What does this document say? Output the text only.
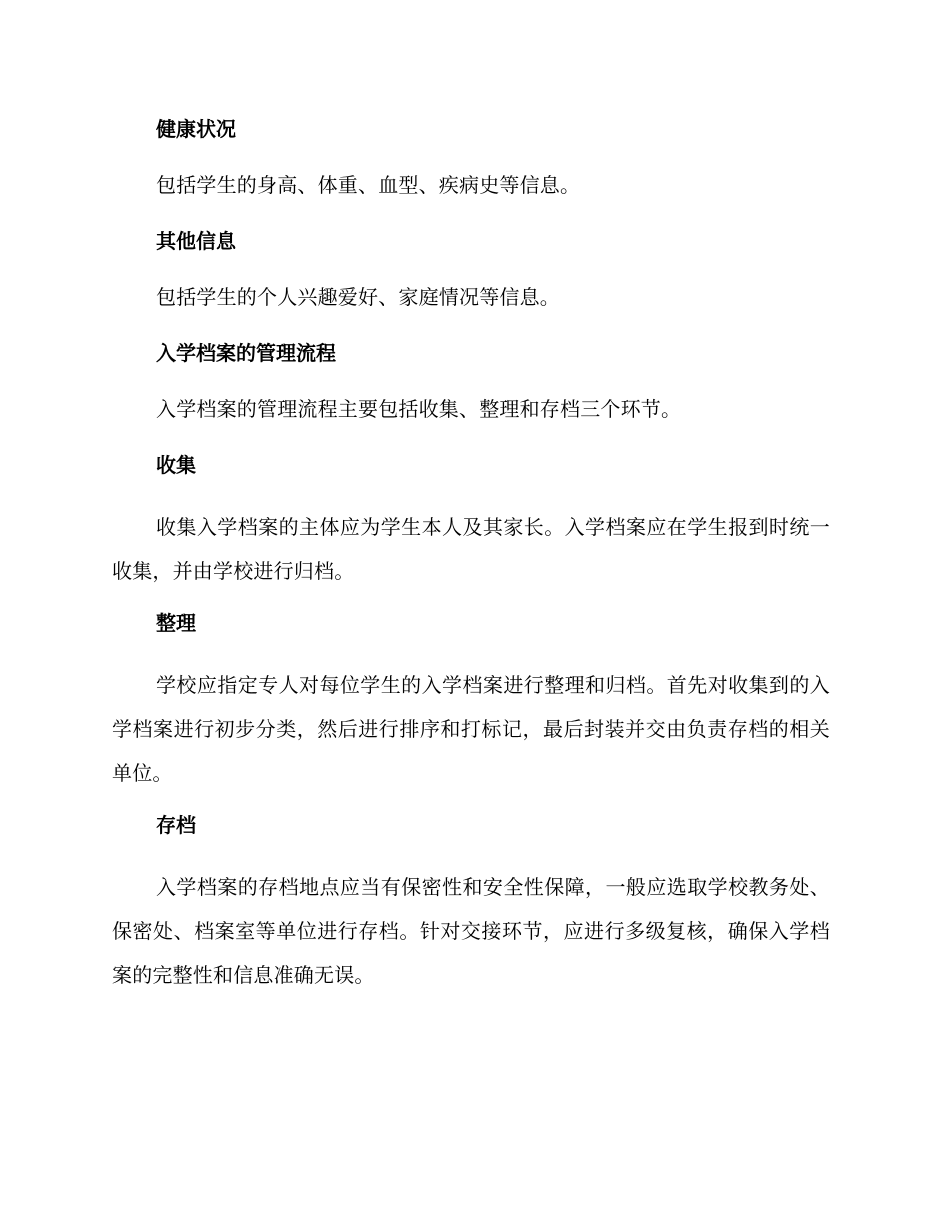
健康状况
包括学生的身高、体重、血型、疾病史等信息。
其他信息
包括学生的个人兴趣爱好、家庭情况等信息。
入学档案的管理流程
入学档案的管理流程主要包括收集、整理和存档三个环节。
收集
收集入学档案的主体应为学生本人及其家长。入学档案应在学生报到时统一收集，并由学校进行归档。
整理
学校应指定专人对每位学生的入学档案进行整理和归档。首先对收集到的入学档案进行初步分类，然后进行排序和打标记，最后封装并交由负责存档的相关单位。
存档
入学档案的存档地点应当有保密性和安全性保障，一般应选取学校教务处、保密处、档案室等单位进行存档。针对交接环节，应进行多级复核，确保入学档案的完整性和信息准确无误。
